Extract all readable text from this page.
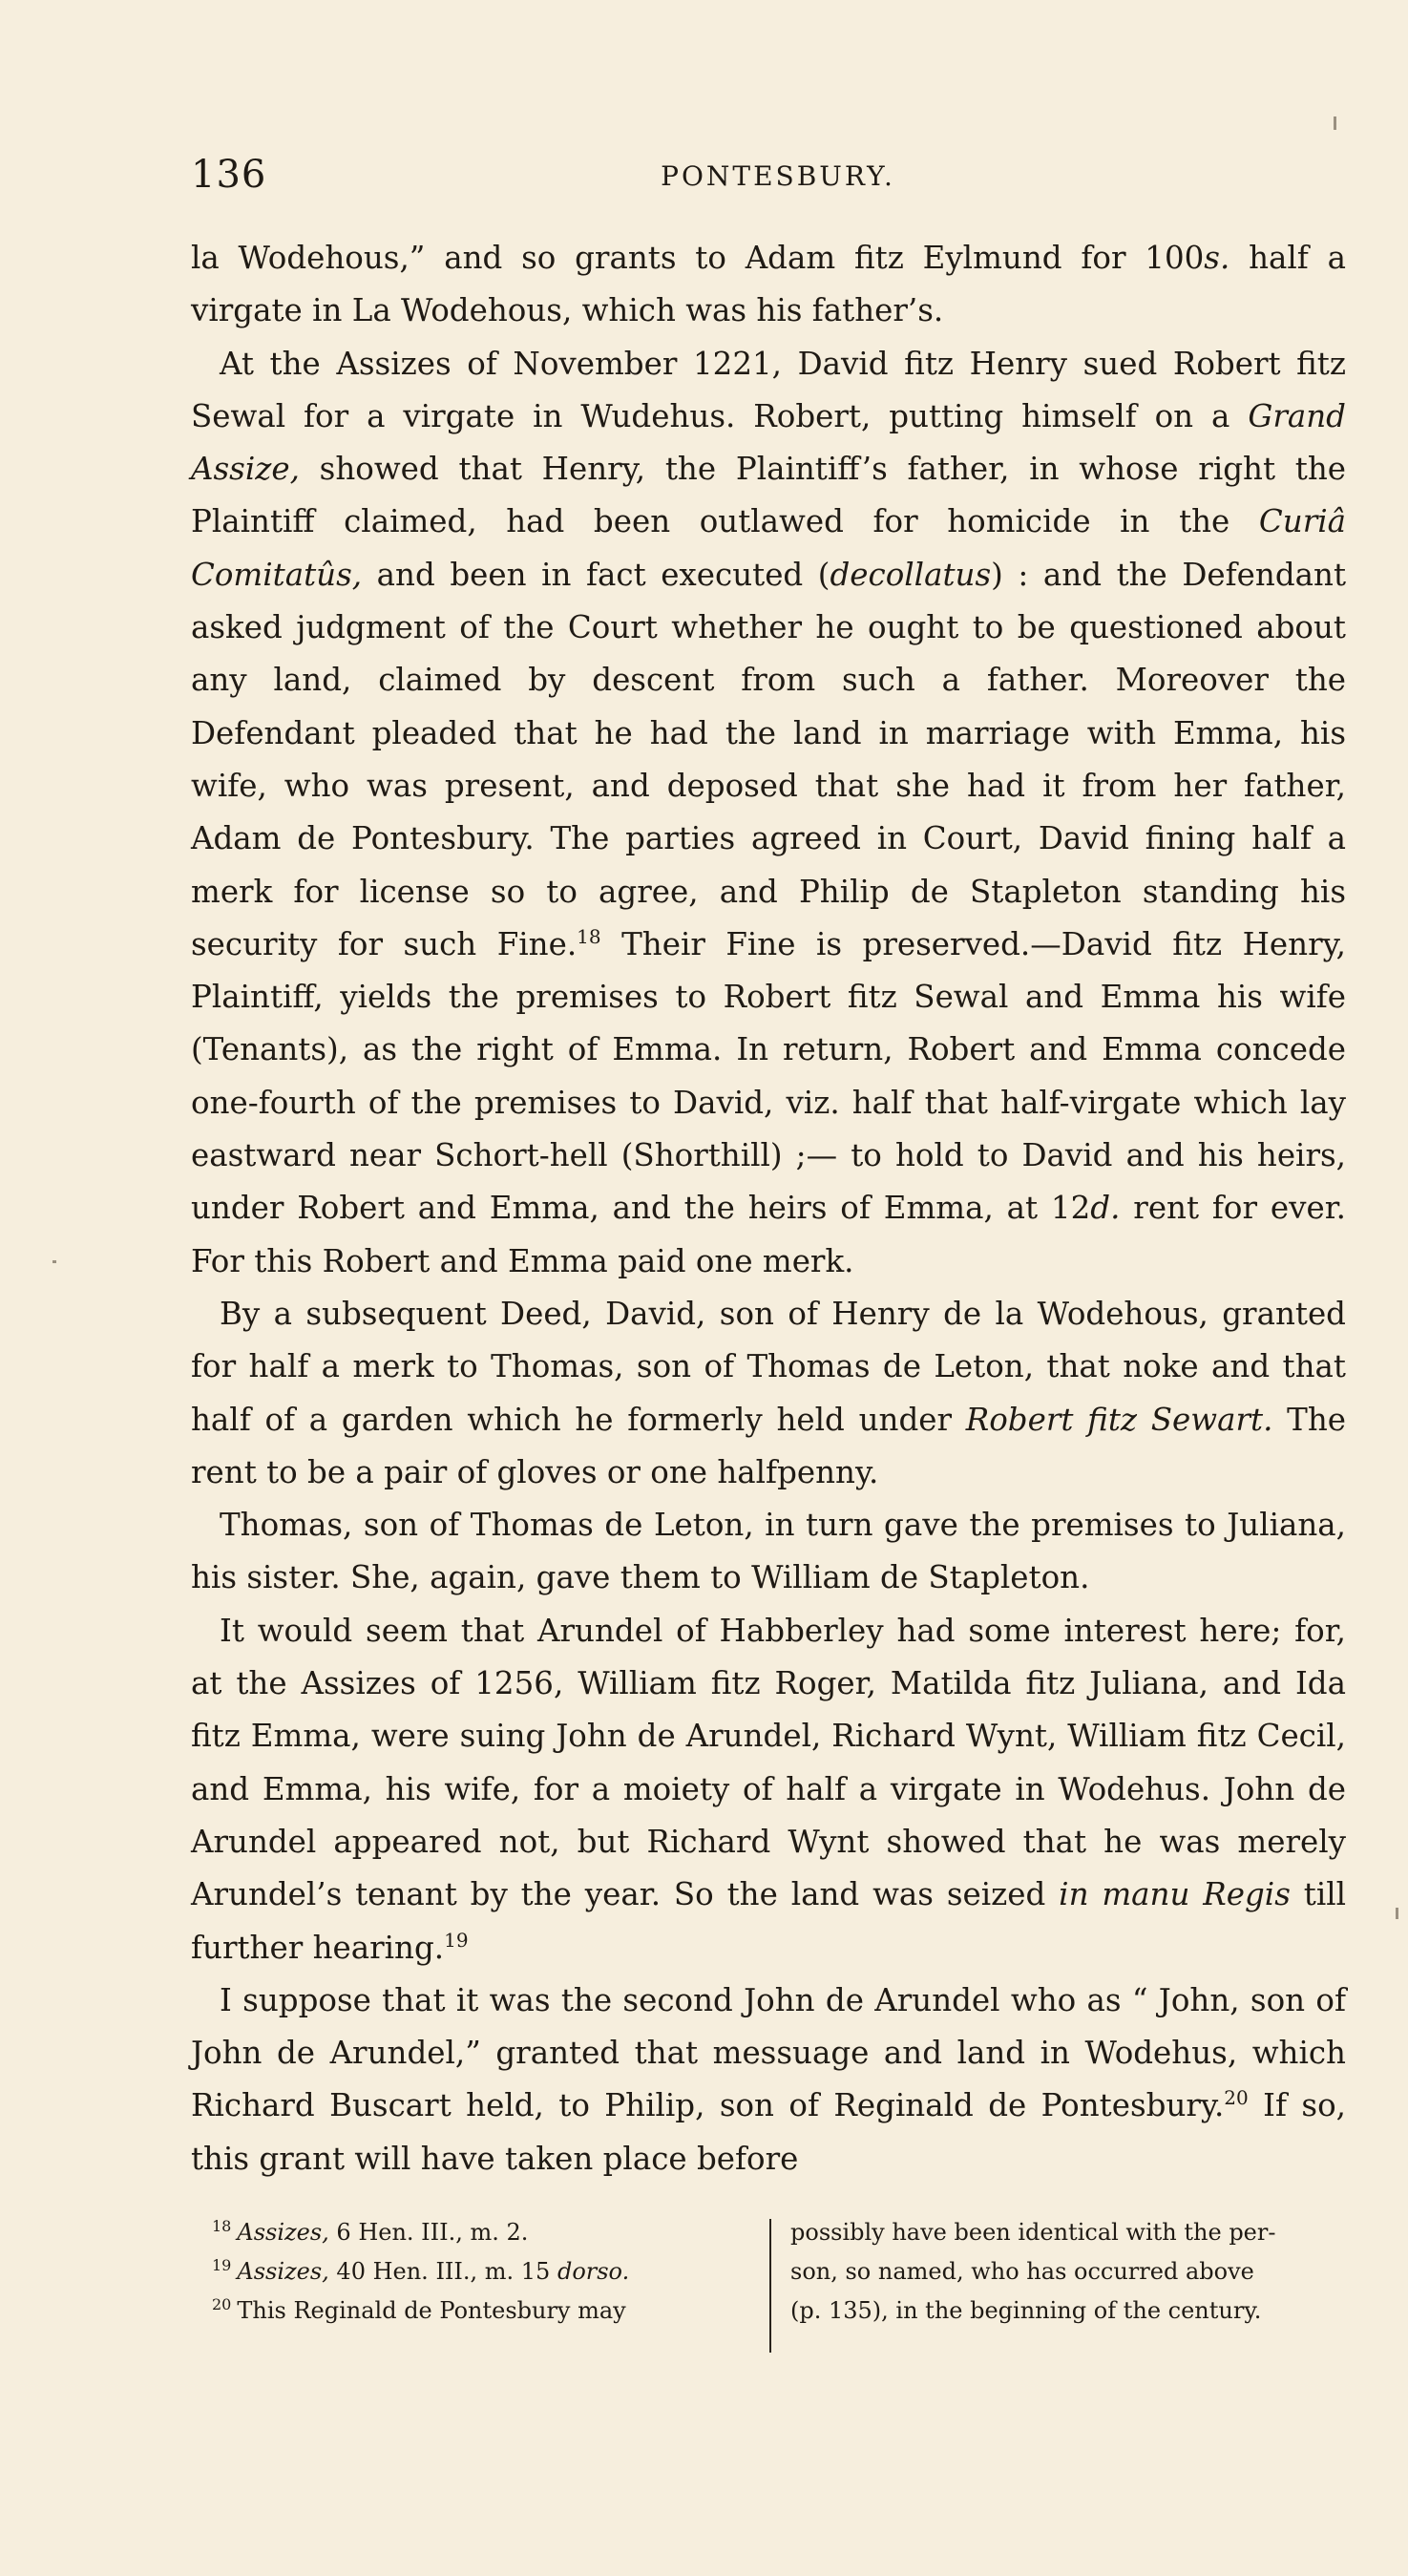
136	PONTESBURY.

la Wodehous,” and so grants to Adam fitz Eylmund for 100s. half a virgate in La Wodehous, which was his father’s.

At the Assizes of November 1221, David fitz Henry sued Robert fitz Sewal for a virgate in Wudehus. Robert, putting himself on a Grand Assize, showed that Henry, the Plaintiff’s father, in whose right the Plaintiff claimed, had been outlawed for homicide in the Curiâ Comitatûs, and been in fact executed (decollatus) : and the Defendant asked judgment of the Court whether he ought to be questioned about any land, claimed by descent from such a father. Moreover the Defendant pleaded that he had the land in marriage with Emma, his wife, who was present, and deposed that she had it from her father, Adam de Pontesbury. The parties agreed in Court, David fining half a merk for license so to agree, and Philip de Stapleton standing his security for such Fine.$^{18}$ Their Fine is preserved.—David fitz Henry, Plaintiff, yields the premises to Robert fitz Sewal and Emma his wife (Tenants), as the right of Emma. In return, Robert and Emma concede one-fourth of the premises to David, viz. half that half-virgate which lay eastward near Schort-hell (Shorthill) ;— to hold to David and his heirs, under Robert and Emma, and the heirs of Emma, at 12d. rent for ever. For this Robert and Emma paid one merk.

By a subsequent Deed, David, son of Henry de la Wodehous, granted for half a merk to Thomas, son of Thomas de Leton, that noke and that half of a garden which he formerly held under Robert fitz Sewart. The rent to be a pair of gloves or one halfpenny.

Thomas, son of Thomas de Leton, in turn gave the premises to Juliana, his sister. She, again, gave them to William de Stapleton.

It would seem that Arundel of Habberley had some interest here; for, at the Assizes of 1256, William fitz Roger, Matilda fitz Juliana, and Ida fitz Emma, were suing John de Arundel, Richard Wynt, William fitz Cecil, and Emma, his wife, for a moiety of half a virgate in Wodehus. John de Arundel appeared not, but Richard Wynt showed that he was merely Arundel’s tenant by the year. So the land was seized in manu Regis till further hearing.$^{19}$

I suppose that it was the second John de Arundel who as “ John, son of John de Arundel,” granted that messuage and land in Wodehus, which Richard Buscart held, to Philip, son of Reginald de Pontesbury.$^{20}$ If so, this grant will have taken place before

$^{18}$ Assizes, 6 Hen. III., m. 2.
$^{19}$ Assizes, 40 Hen. III., m. 15 dorso.
$^{20}$ This Reginald de Pontesbury may
possibly have been identical with the per-
son, so named, who has occurred above
(p. 135), in the beginning of the century.
